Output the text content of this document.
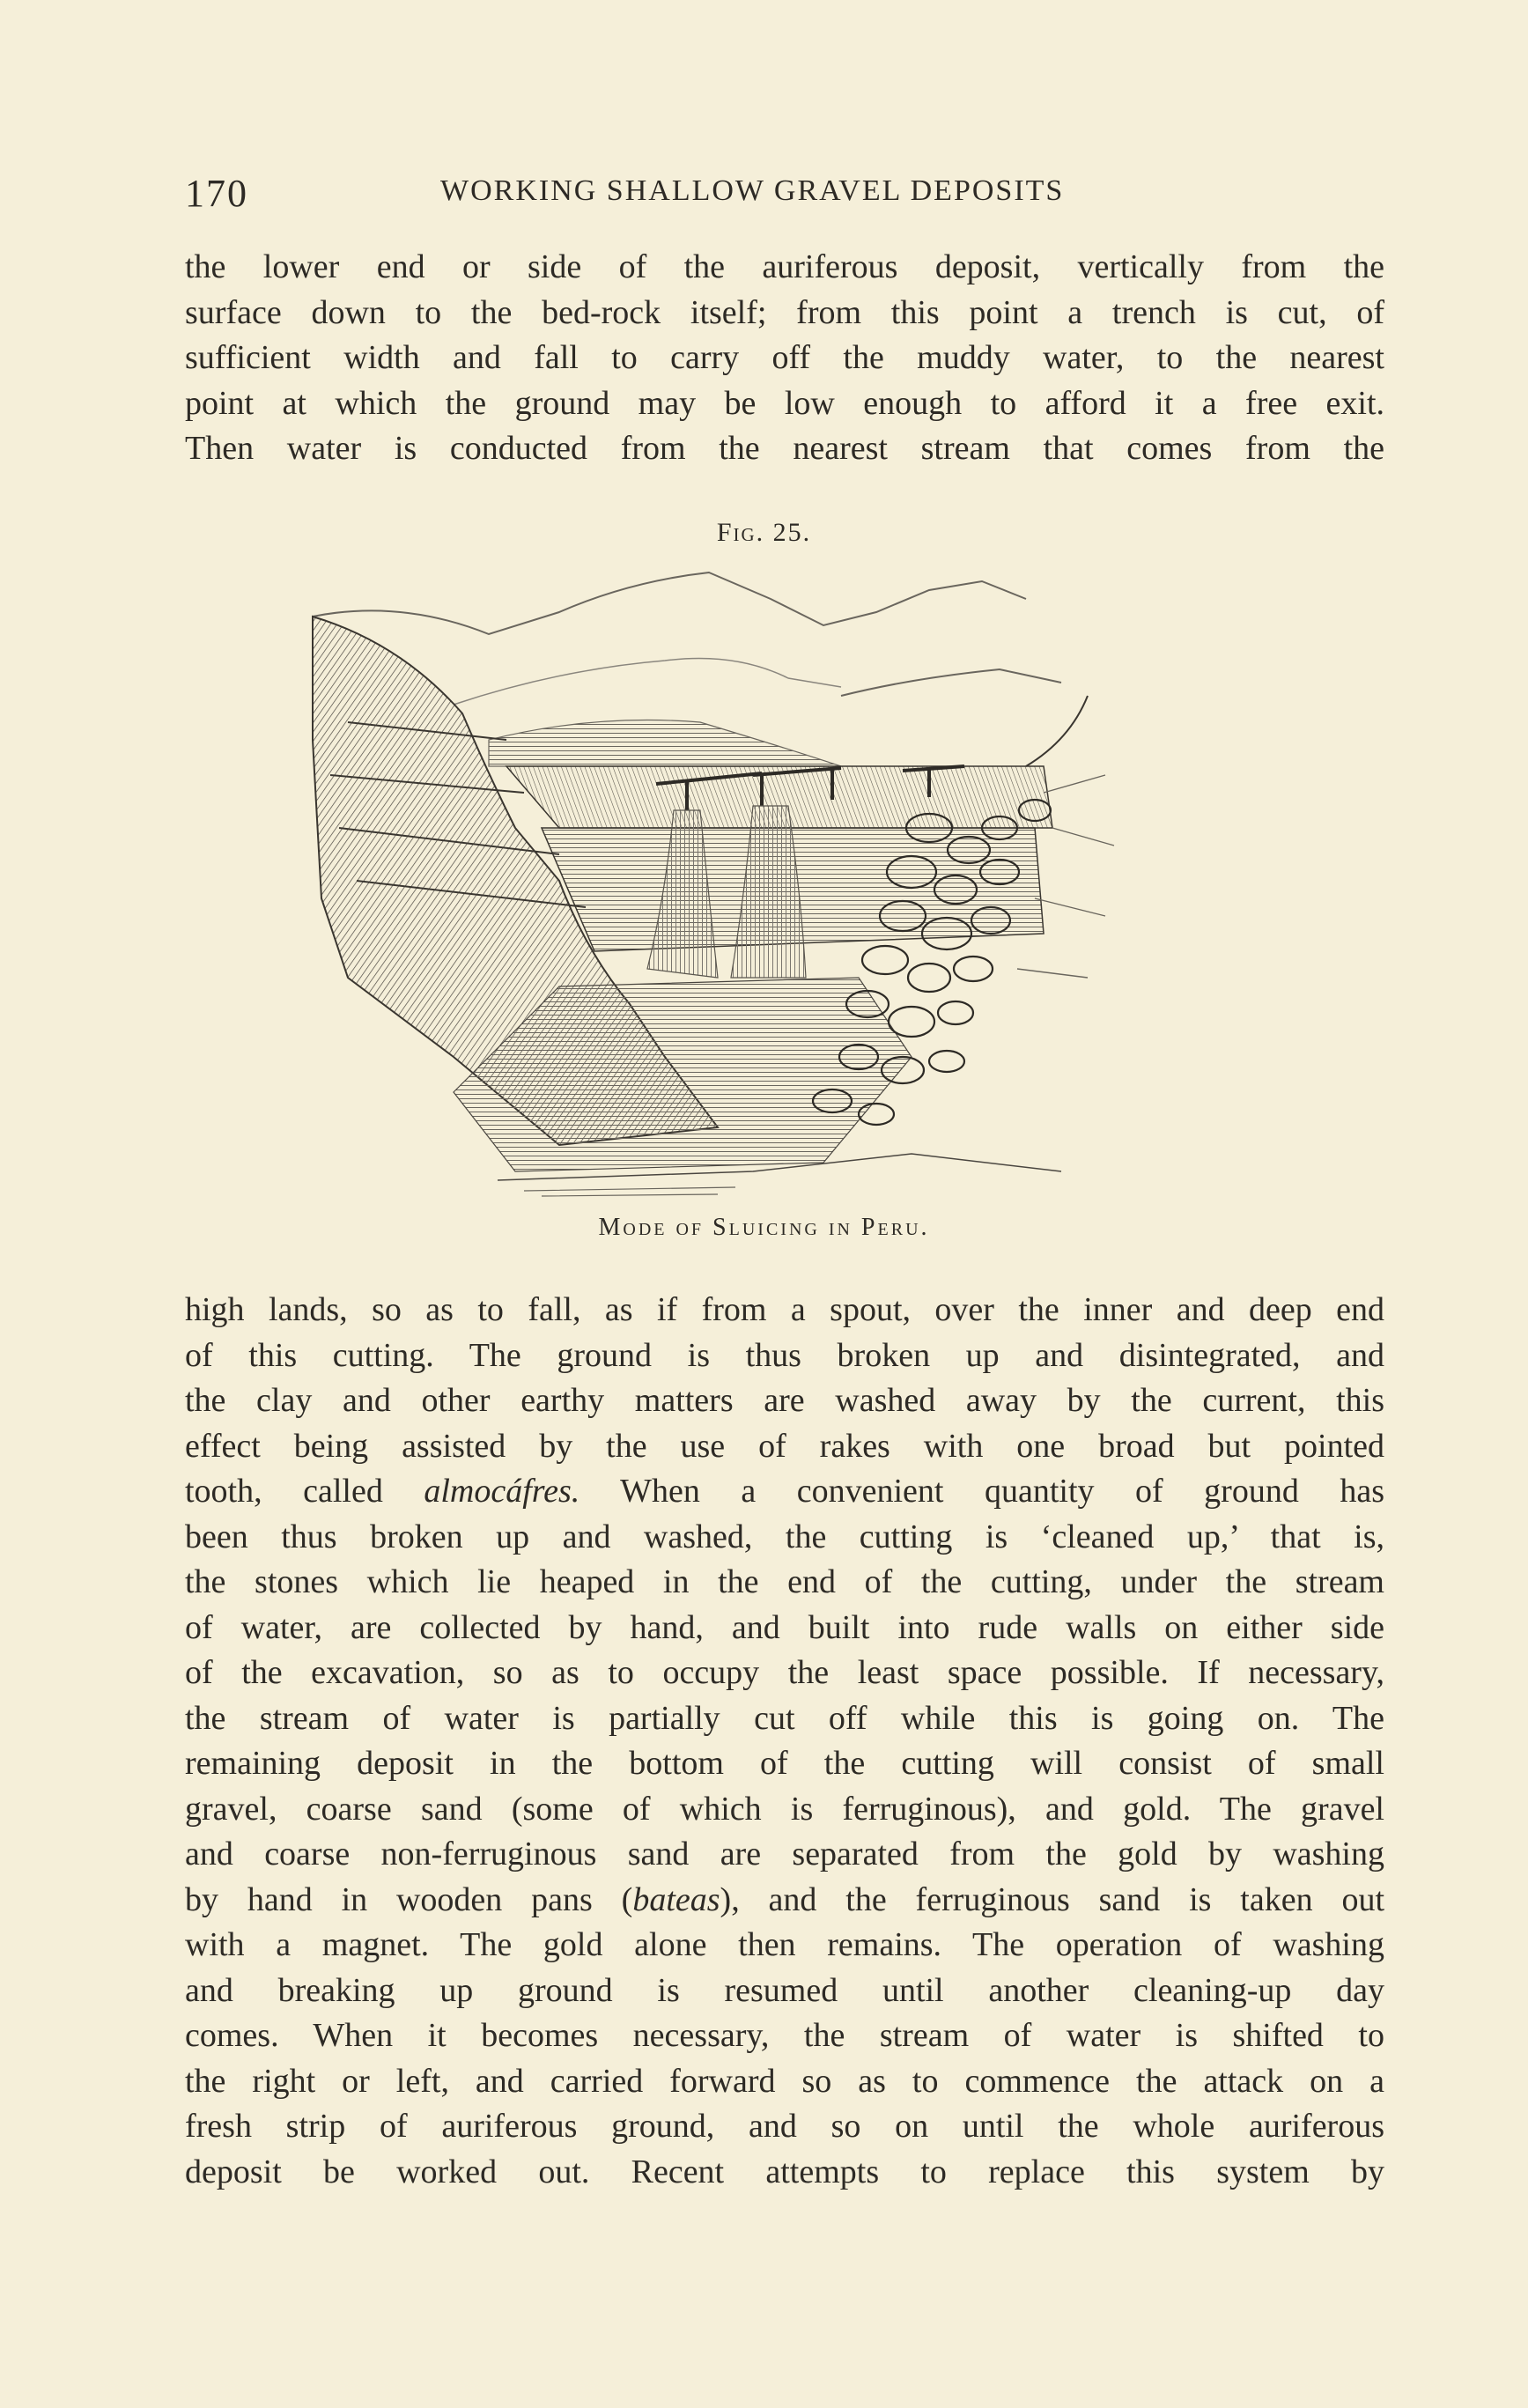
170	WORKING SHALLOW GRAVEL DEPOSITS

the lower end or side of the auriferous deposit, vertically from the

surface down to the bed-rock itself; from this point a trench is cut, of

sufficient width and fall to carry off the muddy water, to the nearest

point at which the ground may be low enough to afford it a free exit.

Then water is conducted from the nearest stream that comes from the

Fig. 25.
Mode of Sluicing in Peru.

high lands, so as to fall, as if from a spout, over the inner and deep end

of this cutting. The ground is thus broken up and disintegrated, and

the clay and other earthy matters are washed away by the current, this

effect being assisted by the use of rakes with one broad but pointed

tooth, called almocáfres. When a convenient quantity of ground has

been thus broken up and washed, the cutting is ‘cleaned up,’ that is,

the stones which lie heaped in the end of the cutting, under the stream

of water, are collected by hand, and built into rude walls on either side

of the excavation, so as to occupy the least space possible. If necessary,

the stream of water is partially cut off while this is going on. The

remaining deposit in the bottom of the cutting will consist of small

gravel, coarse sand (some of which is ferruginous), and gold. The gravel

and coarse non-ferruginous sand are separated from the gold by washing

by hand in wooden pans (bateas), and the ferruginous sand is taken out

with a magnet. The gold alone then remains. The operation of washing

and breaking up ground is resumed until another cleaning-up day

comes. When it becomes necessary, the stream of water is shifted to

the right or left, and carried forward so as to commence the attack on a

fresh strip of auriferous ground, and so on until the whole auriferous

deposit be worked out. Recent attempts to replace this system by
